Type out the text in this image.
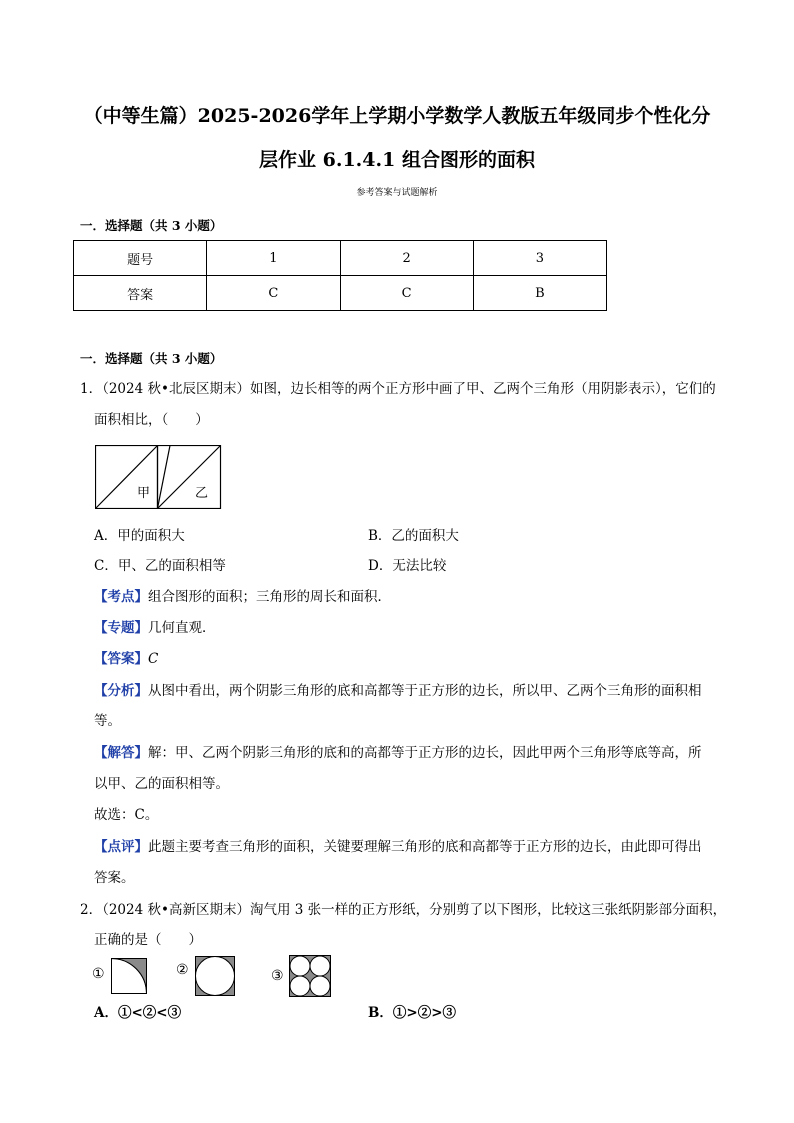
（中等生篇）2025-2026学年上学期小学数学人教版五年级同步个性化分
层作业 6.1.4.1 组合图形的面积
参考答案与试题解析
一．选择题（共 3 小题）
题号	1	2	3
答案	C	C	B
一．选择题（共 3 小题）
1．（2024 秋•北辰区期末）如图，边长相等的两个正方形中画了甲、乙两个三角形（用阴影表示），它们的
面积相比，（　　）
甲	乙
A．甲的面积大	B．乙的面积大
C．甲、乙的面积相等	D．无法比较
【考点】组合图形的面积；三角形的周长和面积．
【专题】几何直观．
【答案】C
【分析】从图中看出，两个阴影三角形的底和高都等于正方形的边长，所以甲、乙两个三角形的面积相
等。
【解答】解：甲、乙两个阴影三角形的底和的高都等于正方形的边长，因此甲两个三角形等底等高，所
以甲、乙的面积相等。
故选：C。
【点评】此题主要考查三角形的面积，关键要理解三角形的底和高都等于正方形的边长，由此即可得出
答案。
2．（2024 秋•高新区期末）淘气用 3 张一样的正方形纸，分别剪了以下图形，比较这三张纸阴影部分面积，
正确的是（　　）
①	②	③
A．①<②<③	B．①>②>③
